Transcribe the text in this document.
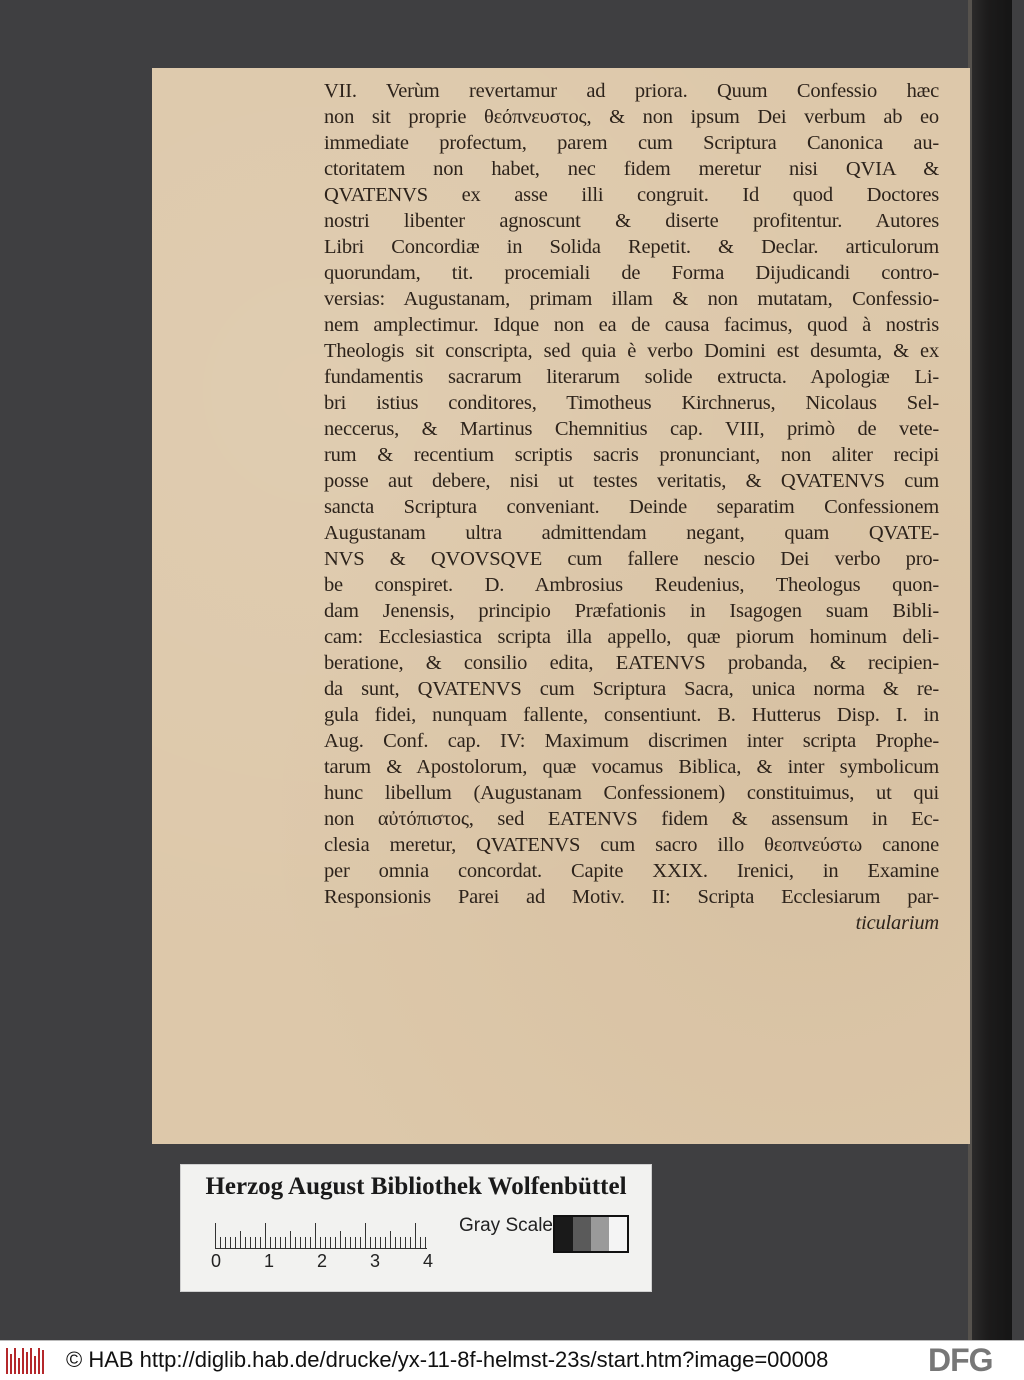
VII. Verùm revertamur ad priora. Quum Confessio hæc
non sit proprie θεόπνευστος, & non ipsum Dei verbum ab eo
immediate profectum, parem cum Scriptura Canonica au-
ctoritatem non habet, nec fidem meretur nisi QVIA &
QVATENVS ex asse illi congruit. Id quod Doctores
nostri libenter agnoscunt & diserte profitentur. Autores
Libri Concordiæ in Solida Repetit. & Declar. articulorum
quorundam, tit. procemiali de Forma Dijudicandi contro-
versias: Augustanam, primam illam & non mutatam, Confessio-
nem amplectimur. Idque non ea de causa facimus, quod à nostris
Theologis sit conscripta, sed quia è verbo Domini est desumta, & ex
fundamentis sacrarum literarum solide extructa. Apologiæ Li-
bri istius conditores, Timotheus Kirchnerus, Nicolaus Sel-
neccerus, & Martinus Chemnitius cap. VIII, primò de vete-
rum & recentium scriptis sacris pronunciant, non aliter recipi
posse aut debere, nisi ut testes veritatis, & QVATENVS cum
sancta Scriptura conveniant. Deinde separatim Confessionem
Augustanam ultra admittendam negant, quam QVATE-
NVS & QVOVSQVE cum fallere nescio Dei verbo pro-
be conspiret. D. Ambrosius Reudenius, Theologus quon-
dam Jenensis, principio Præfationis in Isagogen suam Bibli-
cam: Ecclesiastica scripta illa appello, quæ piorum hominum deli-
beratione, & consilio edita, EATENVS probanda, & recipien-
da sunt, QVATENVS cum Scriptura Sacra, unica norma & re-
gula fidei, nunquam fallente, consentiunt. B. Hutterus Disp. I. in
Aug. Conf. cap. IV: Maximum discrimen inter scripta Prophe-
tarum & Apostolorum, quæ vocamus Biblica, & inter symbolicum
hunc libellum (Augustanam Confessionem) constituimus, ut qui
non αὐτόπιστος, sed EATENVS fidem & assensum in Ec-
clesia meretur, QVATENVS cum sacro illo θεοπνεύστω canone
per omnia concordat. Capite XXIX. Irenici, in Examine
Responsionis Parei ad Motiv. II: Scripta Ecclesiarum par-
ticularium
Herzog August Bibliothek Wolfenbüttel
0 1 2 3 4
Gray Scale
© HAB http://diglib.hab.de/drucke/yx-11-8f-helmst-23s/start.htm?image=00008	DFG
